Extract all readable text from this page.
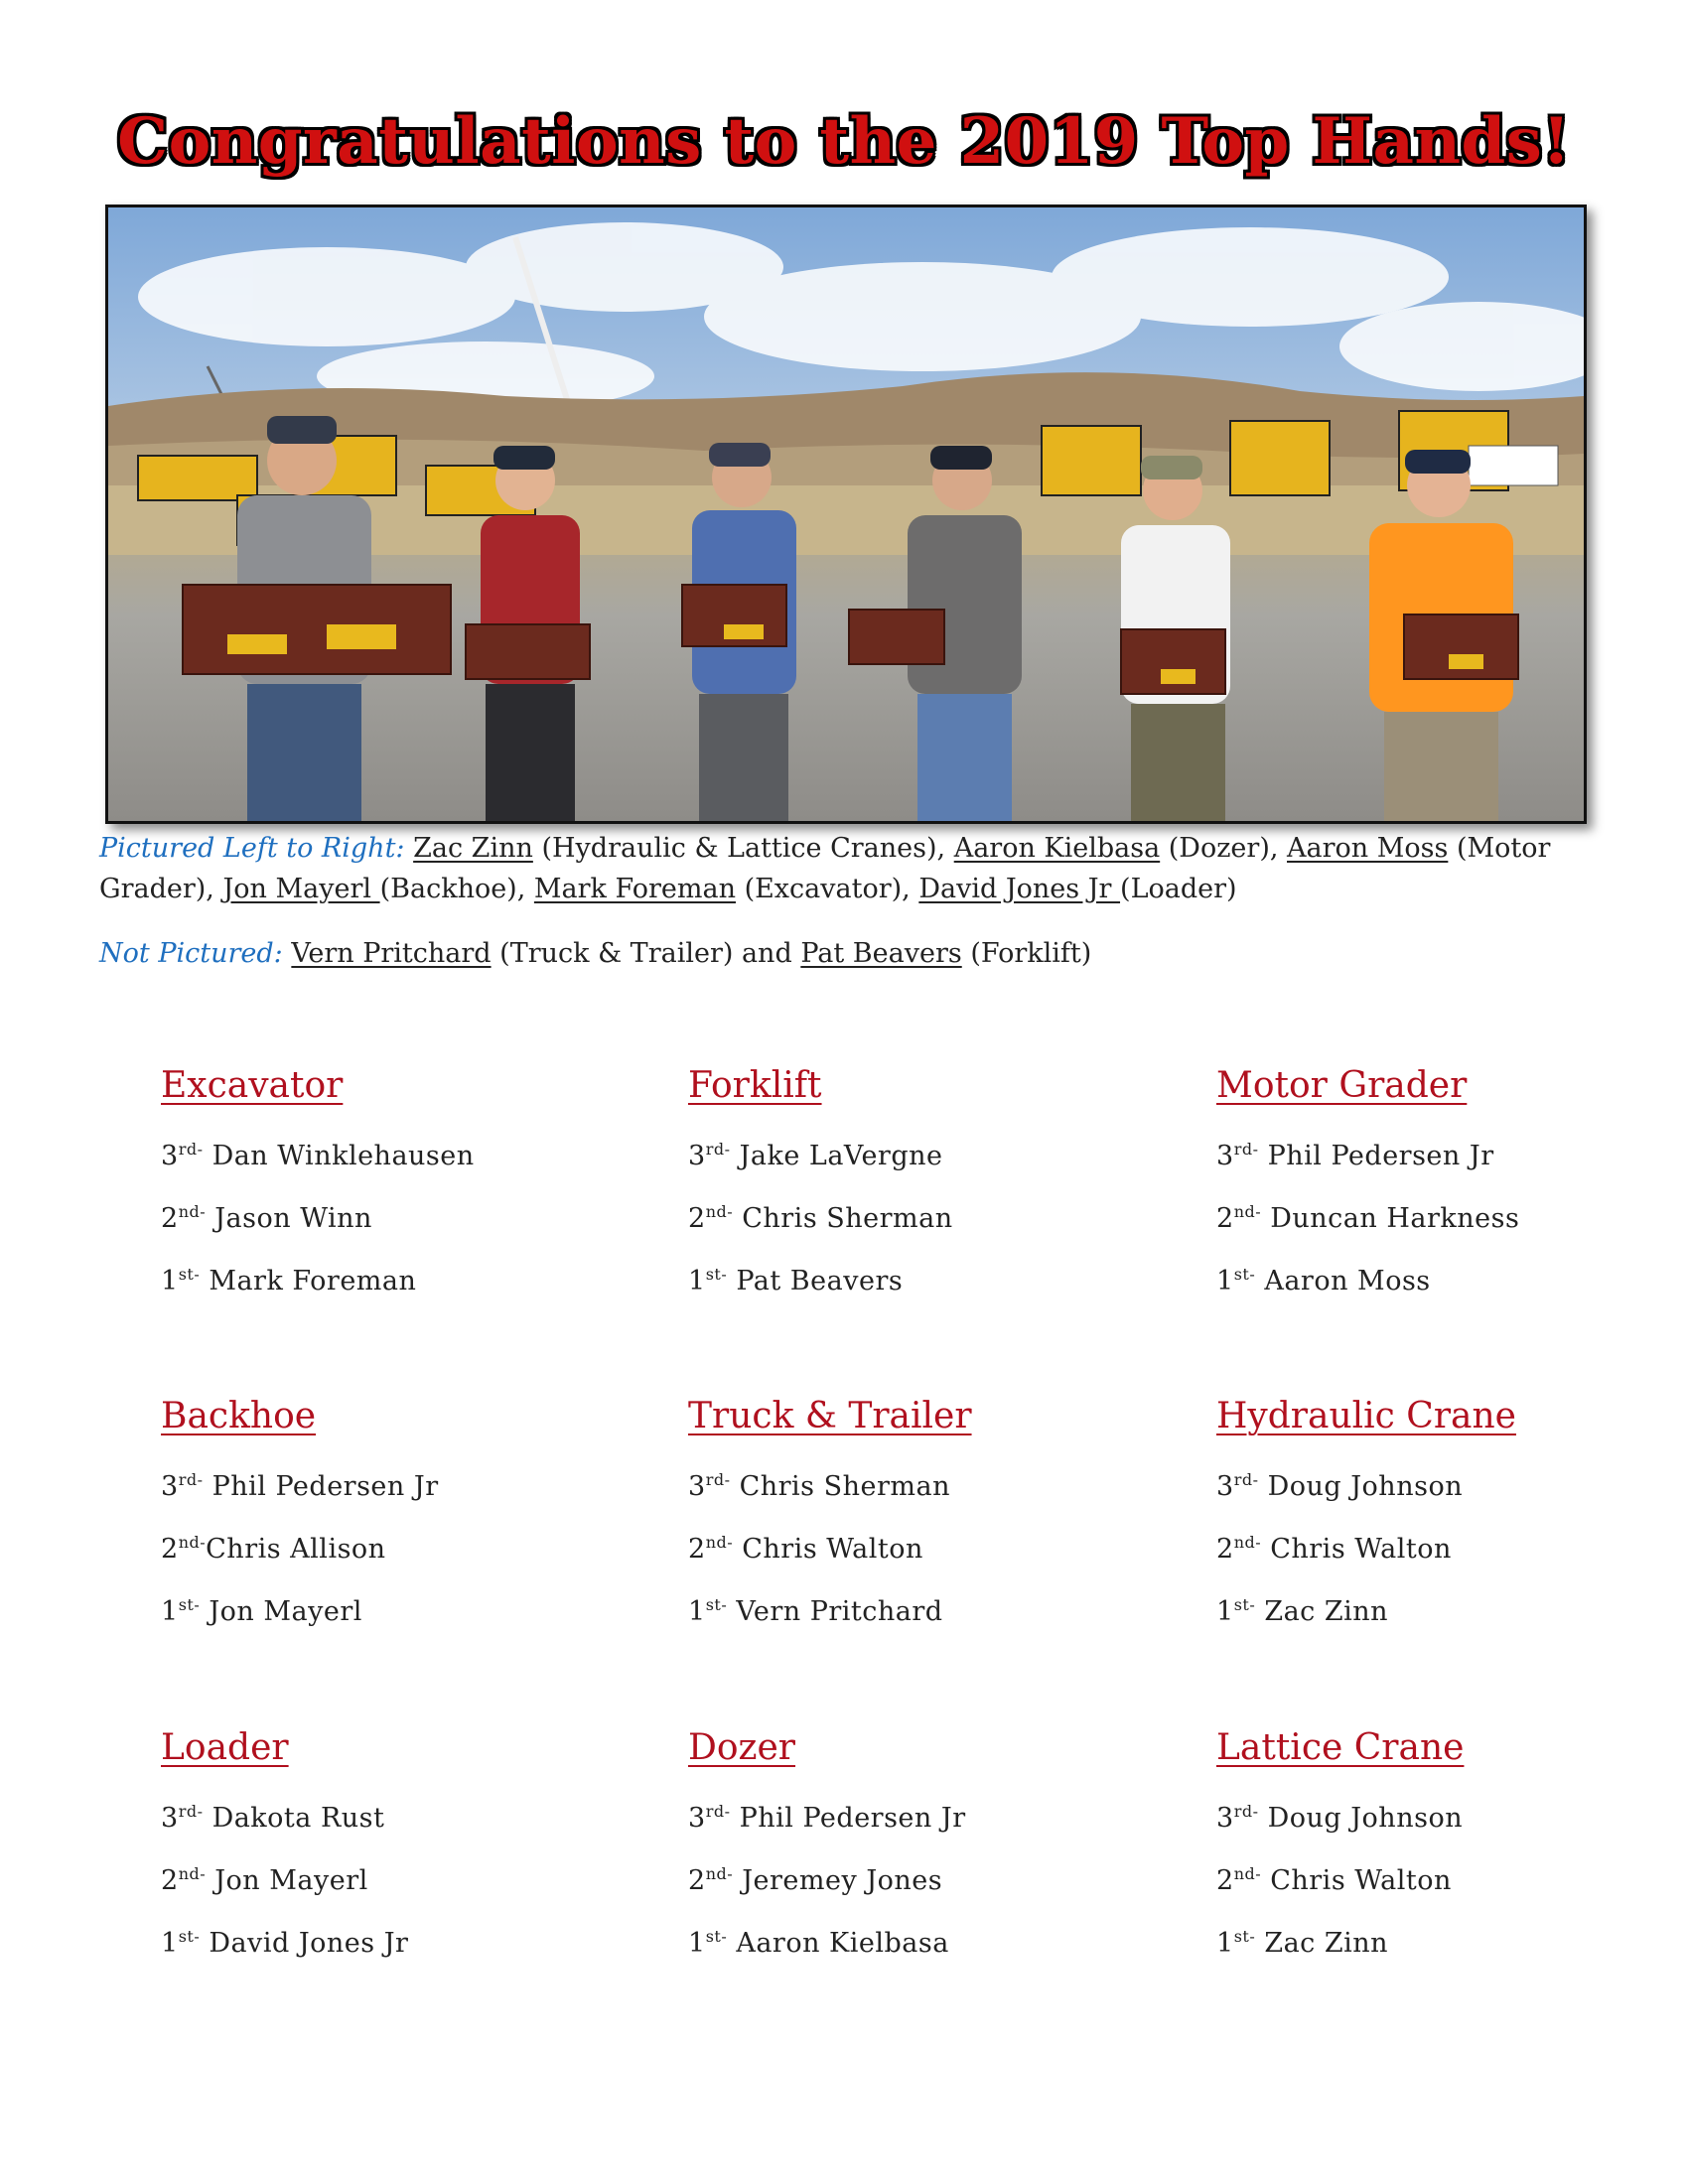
Congratulations to the 2019 Top Hands!
Pictured Left to Right: Zac Zinn (Hydraulic & Lattice Cranes), Aaron Kielbasa (Dozer), Aaron Moss (Motor Grader), Jon Mayerl (Backhoe), Mark Foreman (Excavator), David Jones Jr (Loader)
Not Pictured: Vern Pritchard (Truck & Trailer) and Pat Beavers (Forklift)
Excavator
$3^{rd-}$ Dan Winklehausen
$2^{nd-}$ Jason Winn
$1^{st-}$ Mark Foreman
Forklift
$3^{rd-}$ Jake LaVergne
$2^{nd-}$ Chris Sherman
$1^{st-}$ Pat Beavers
Motor Grader
$3^{rd-}$ Phil Pedersen Jr
$2^{nd-}$ Duncan Harkness
$1^{st-}$ Aaron Moss
Backhoe
$3^{rd-}$ Phil Pedersen Jr
$2^{nd-}Chris$ Allison
$1^{st-}$ Jon Mayerl
Truck & Trailer
$3^{rd-}$ Chris Sherman
$2^{nd-}$ Chris Walton
$1^{st-}$ Vern Pritchard
Hydraulic Crane
$3^{rd-}$ Doug Johnson
$2^{nd-}$ Chris Walton
$1^{st-}$ Zac Zinn
Loader
$3^{rd-}$ Dakota Rust
$2^{nd-}$ Jon Mayerl
$1^{st-}$ David Jones Jr
Dozer
$3^{rd-}$ Phil Pedersen Jr
$2^{nd-}$ Jeremey Jones
$1^{st-}$ Aaron Kielbasa
Lattice Crane
$3^{rd-}$ Doug Johnson
$2^{nd-}$ Chris Walton
$1^{st-}$ Zac Zinn
